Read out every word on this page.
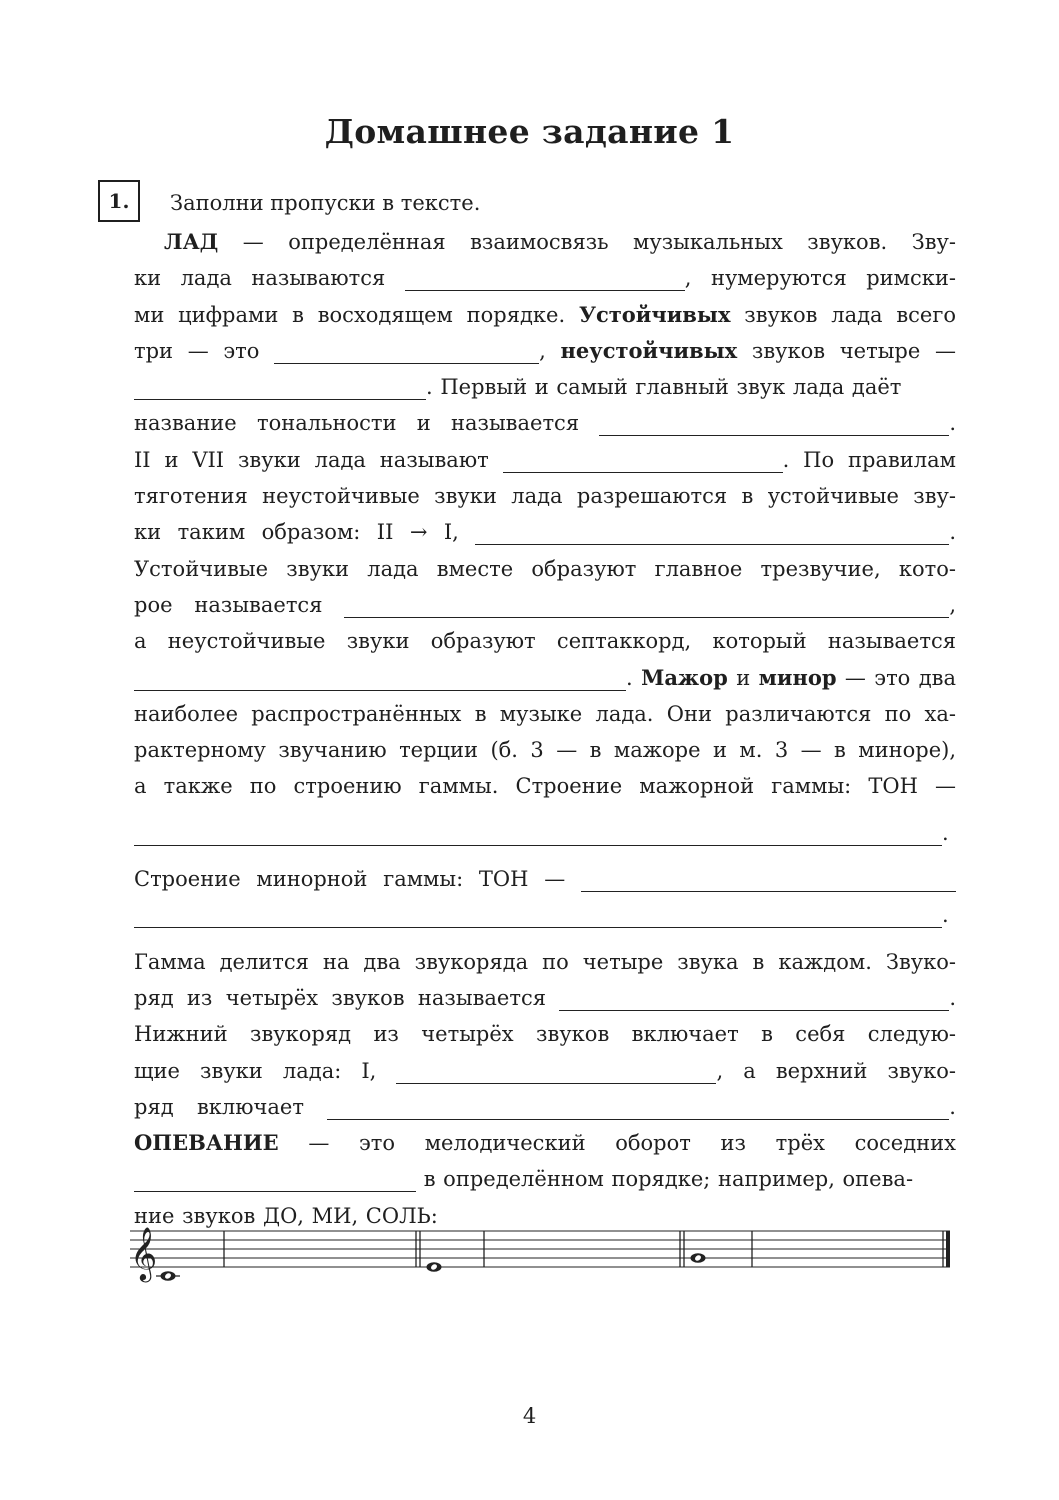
Домашнее задание 1
1.	Заполни пропуски в тексте.
ЛАД — определённая взаимосвязь музыкальных звуков. Зву-
ки лада называются	, нумеруются римски-
ми цифрами в восходящем порядке. Устойчивых звуков лада всего
три — это	, неустойчивых звуков четыре —
. Первый и самый главный звук лада даёт
название тональности и называется	.
II и VII звуки лада называют	. По правилам
тяготения неустойчивые звуки лада разрешаются в устойчивые зву-
ки таким образом: II → I,	.
Устойчивые звуки лада вместе образуют главное трезвучие, кото-
рое называется	,
а неустойчивые звуки образуют септаккорд, который называется
. Мажор и минор — это два
наиболее распространённых в музыке лада. Они различаются по ха-
рактерному звучанию терции (б. 3 — в мажоре и м. 3 — в миноре),
а также по строению гаммы. Строение мажорной гаммы: ТОН —
.
Строение минорной гаммы: ТОН —
.
Гамма делится на два звукоряда по четыре звука в каждом. Звуко-
ряд из четырёх звуков называется	.
Нижний звукоряд из четырёх звуков включает в себя следую-
щие звуки лада: I,	, а верхний звуко-
ряд включает	.
ОПЕВАНИЕ — это мелодический оборот из трёх соседних
в определённом порядке; например, опева-
ние звуков ДО, МИ, СОЛЬ:
𝄞
4
